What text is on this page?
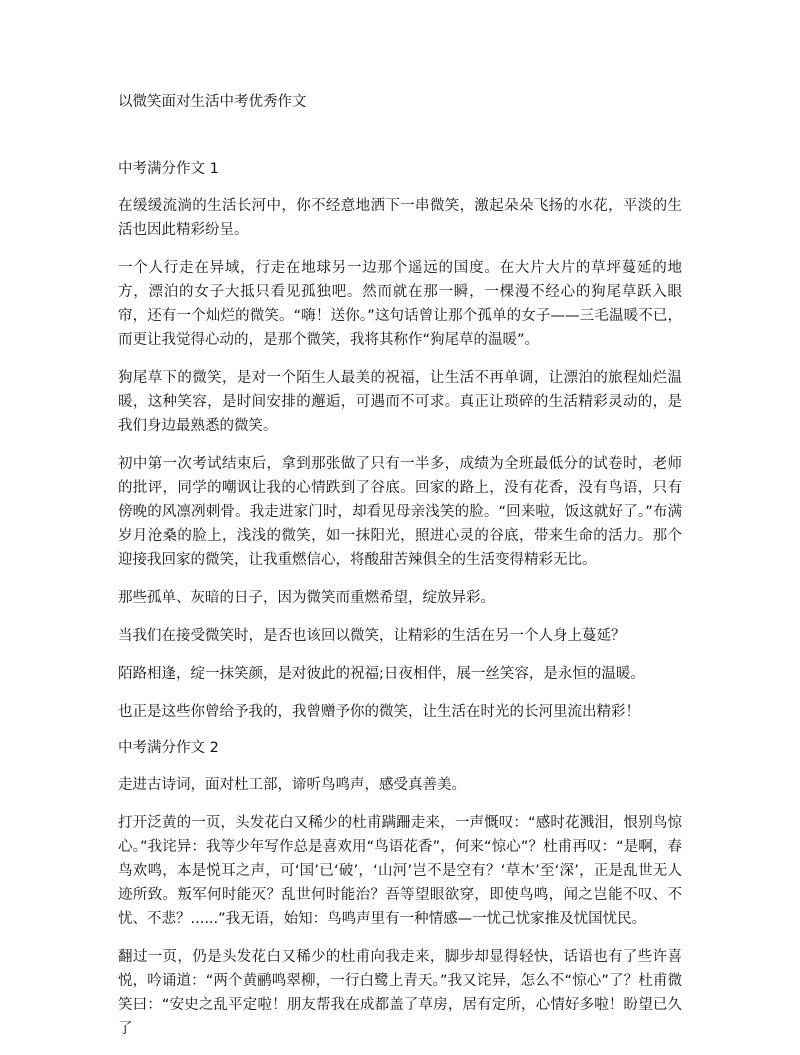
以微笑面对生活中考优秀作文
中考满分作文 1

在缓缓流淌的生活长河中，你不经意地洒下一串微笑，激起朵朵飞扬的水花，平淡的生活也因此精彩纷呈。

一个人行走在异域，行走在地球另一边那个遥远的国度。在大片大片的草坪蔓延的地方，漂泊的女子大抵只看见孤独吧。然而就在那一瞬，一棵漫不经心的狗尾草跃入眼帘，还有一个灿烂的微笑。“嗨！送你。”这句话曾让那个孤单的女子——三毛温暖不已，而更让我觉得心动的，是那个微笑，我将其称作“狗尾草的温暖”。

狗尾草下的微笑，是对一个陌生人最美的祝福，让生活不再单调，让漂泊的旅程灿烂温暖，这种笑容，是时间安排的邂逅，可遇而不可求。真正让琐碎的生活精彩灵动的，是我们身边最熟悉的微笑。

初中第一次考试结束后，拿到那张做了只有一半多，成绩为全班最低分的试卷时，老师的批评，同学的嘲讽让我的心情跌到了谷底。回家的路上，没有花香，没有鸟语，只有傍晚的风凛冽刺骨。我走进家门时，却看见母亲浅笑的脸。“回来啦，饭这就好了。”布满岁月沧桑的脸上，浅浅的微笑，如一抹阳光，照进心灵的谷底，带来生命的活力。那个迎接我回家的微笑，让我重燃信心，将酸甜苦辣俱全的生活变得精彩无比。

那些孤单、灰暗的日子，因为微笑而重燃希望，绽放异彩。

当我们在接受微笑时，是否也该回以微笑，让精彩的生活在另一个人身上蔓延？

陌路相逢，绽一抹笑颜，是对彼此的祝福;日夜相伴，展一丝笑容，是永恒的温暖。

也正是这些你曾给予我的，我曾赠予你的微笑，让生活在时光的长河里流出精彩！

中考满分作文 2

走进古诗词，面对杜工部，谛听鸟鸣声，感受真善美。

打开泛黄的一页，头发花白又稀少的杜甫蹒跚走来，一声慨叹：“感时花溅泪，恨别鸟惊心。”我诧异：我等少年写作总是喜欢用“鸟语花香”，何来“惊心”？杜甫再叹：“是啊，春鸟欢鸣，本是悦耳之声，可‘国’已‘破’，‘山河’岂不是空有？‘草木’至‘深’，正是乱世无人迹所致。叛军何时能灭？乱世何时能治？吾等望眼欲穿，即使鸟鸣，闻之岂能不叹、不忧、不悲？......”我无语，始知：鸟鸣声里有一种情感—一忧己忧家推及忧国忧民。

翻过一页，仍是头发花白又稀少的杜甫向我走来，脚步却显得轻快，话语也有了些许喜悦，吟诵道：“两个黄鹂鸣翠柳，一行白鹭上青天。”我又诧异，怎么不“惊心”了？杜甫微笑曰：“安史之乱平定啦！朋友帮我在成都盖了草房，居有定所，心情好多啦！盼望已久了
